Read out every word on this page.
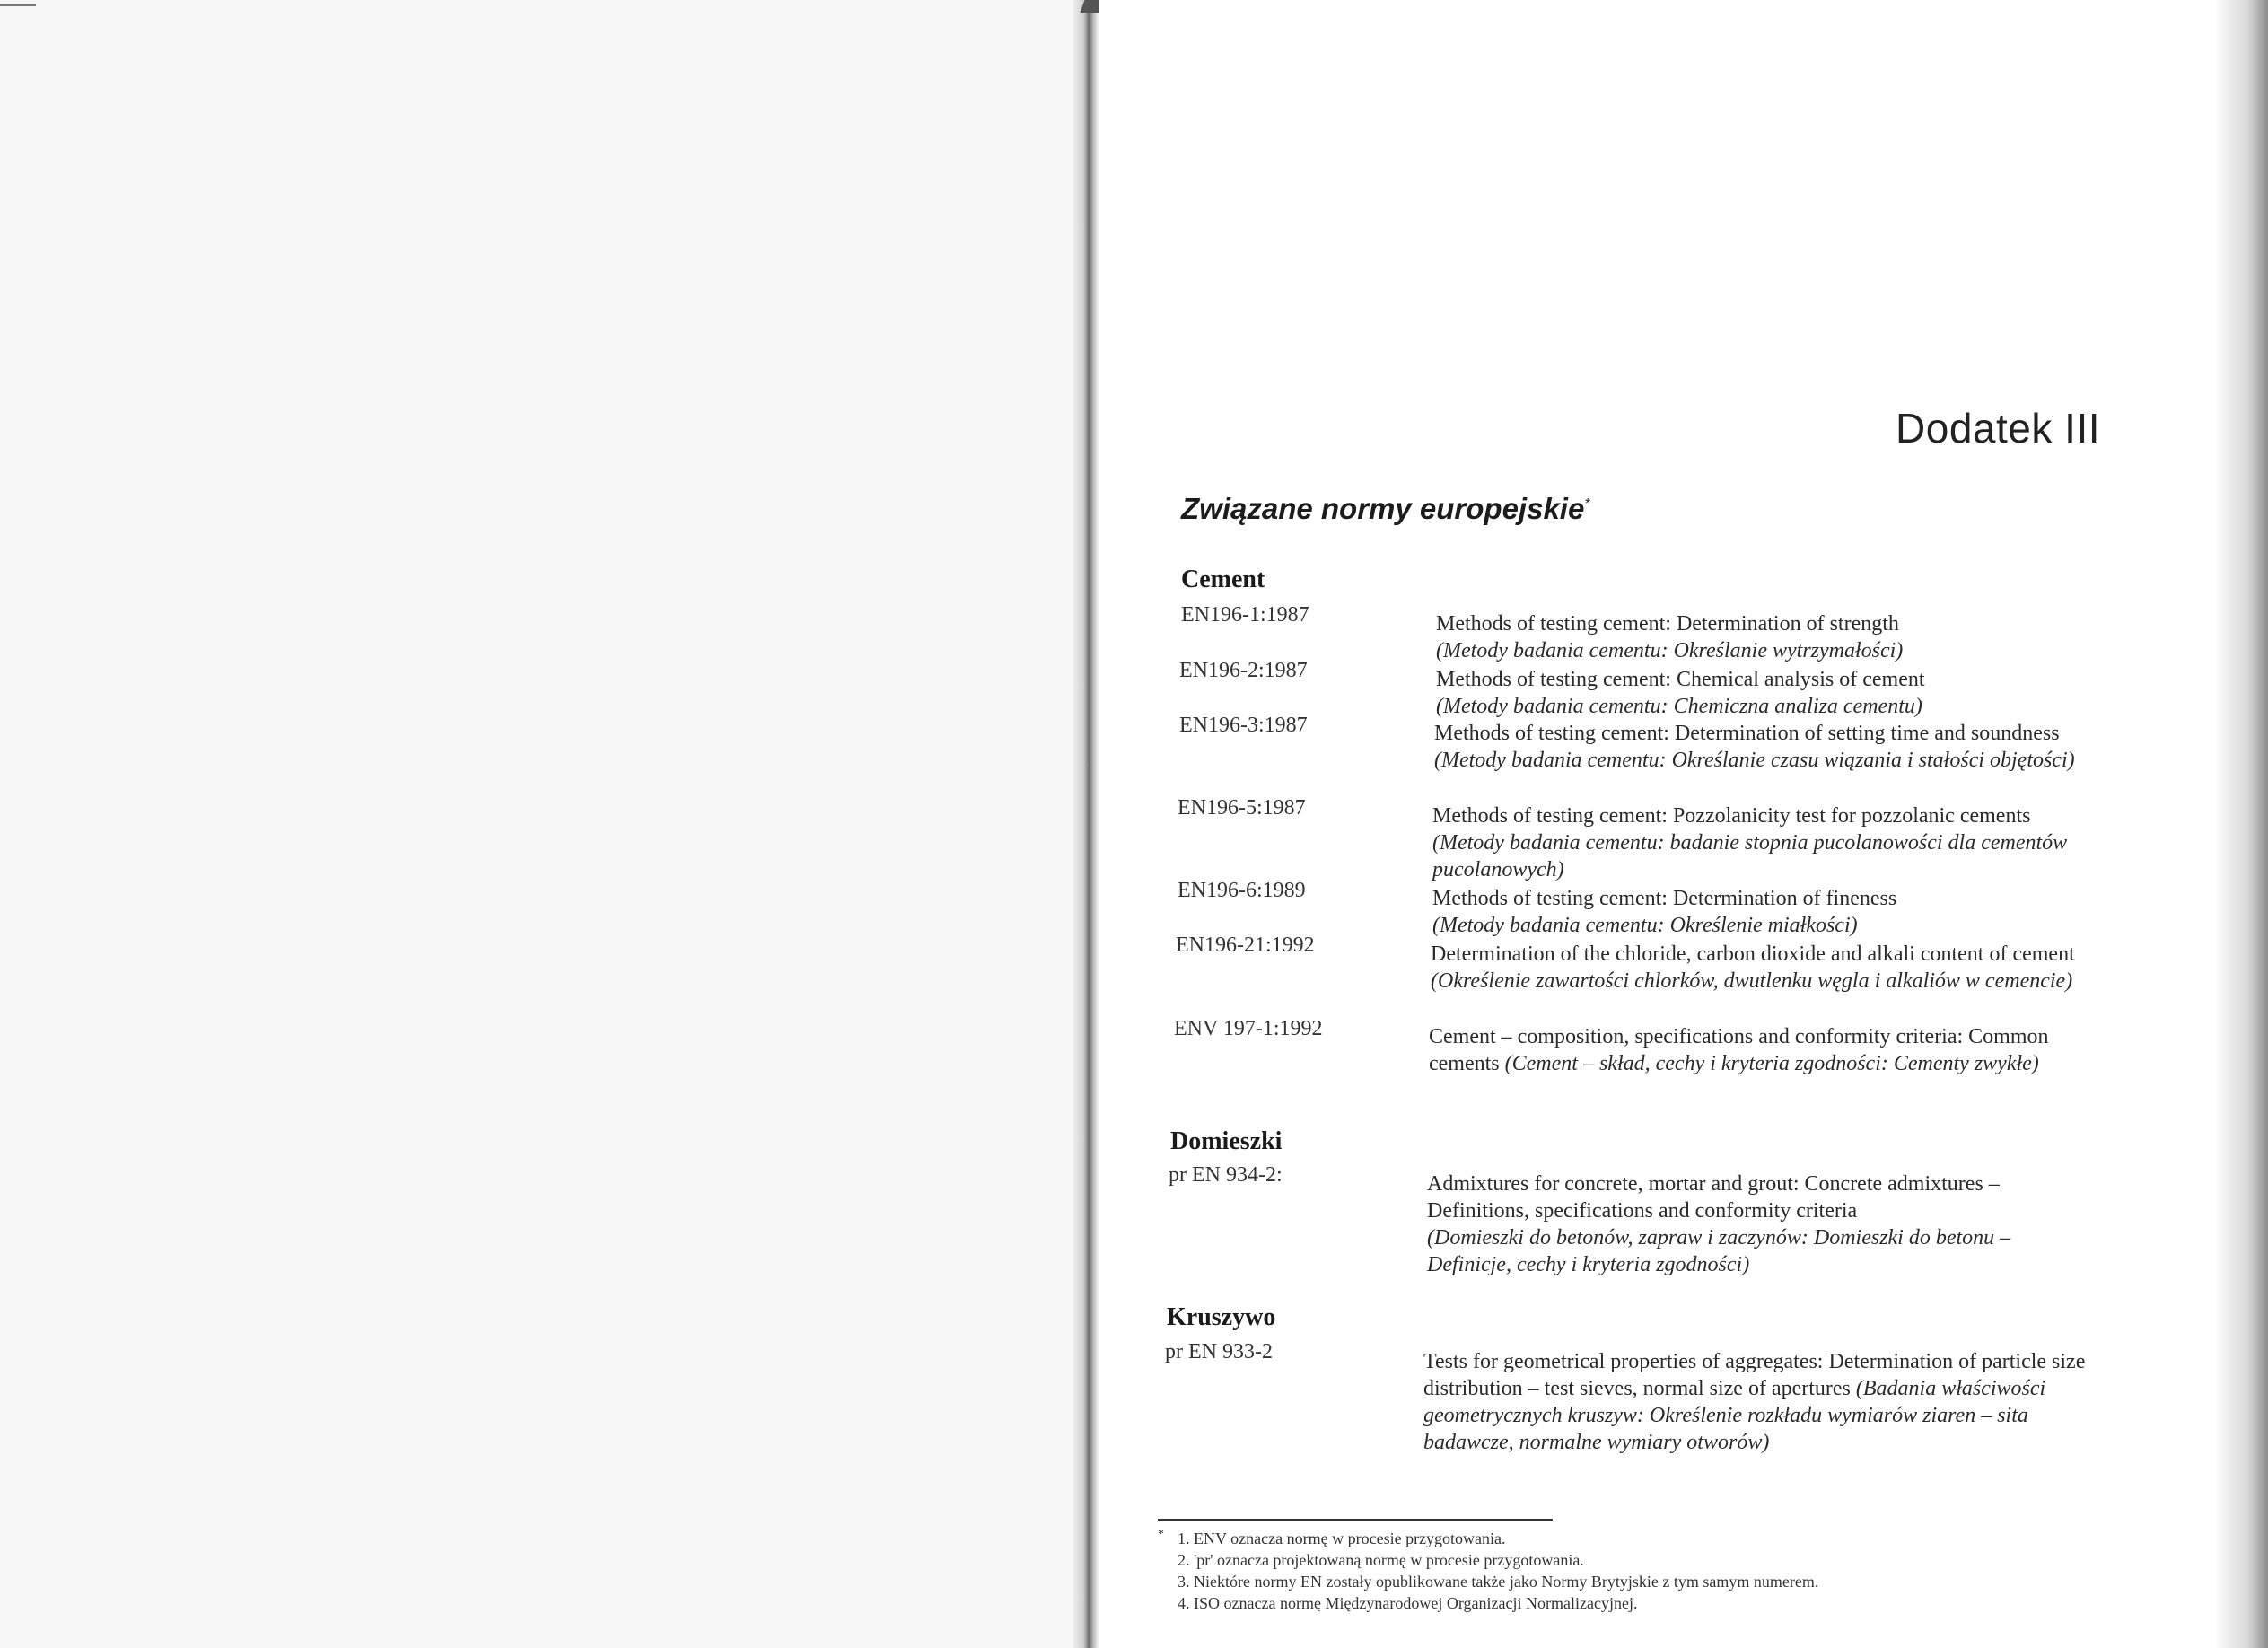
,
Dodatek III
Związane normy europejskie*
Cement
EN196-1:1987	Methods of testing cement: Determination of strength
(Metody badania cementu: Określanie wytrzymałości)
EN196-2:1987	Methods of testing cement: Chemical analysis of cement
(Metody badania cementu: Chemiczna analiza cementu)
EN196-3:1987	Methods of testing cement: Determination of setting time and soundness (Metody badania cementu: Określanie czasu wiązania i stałości objętości)
EN196-5:1987	Methods of testing cement: Pozzolanicity test for pozzolanic cements (Metody badania cementu: badanie stopnia pucolanowości dla cementów pucolanowych)
EN196-6:1989	Methods of testing cement: Determination of fineness
(Metody badania cementu: Określenie miałkości)
EN196-21:1992	Determination of the chloride, carbon dioxide and alkali content of cement (Określenie zawartości chlorków, dwutlenku węgla i alkaliów w cemencie)
ENV 197-1:1992	Cement – composition, specifications and conformity criteria: Common cements (Cement – skład, cechy i kryteria zgodności: Cementy zwykłe)
Domieszki
pr EN 934-2:	Admixtures for concrete, mortar and grout: Concrete admixtures – Definitions, specifications and conformity criteria
(Domieszki do betonów, zapraw i zaczynów: Domieszki do betonu – Definicje, cechy i kryteria zgodności)
Kruszywo
pr EN 933-2	Tests for geometrical properties of aggregates: Determination of particle size distribution – test sieves, normal size of apertures (Badania właściwości geometrycznych kruszyw: Określenie rozkładu wymiarów ziaren – sita badawcze, normalne wymiary otworów)
* 1. ENV oznacza normę w procesie przygotowania.
2. 'pr' oznacza projektowaną normę w procesie przygotowania.
3. Niektóre normy EN zostały opublikowane także jako Normy Brytyjskie z tym samym numerem.
4. ISO oznacza normę Międzynarodowej Organizacji Normalizacyjnej.
